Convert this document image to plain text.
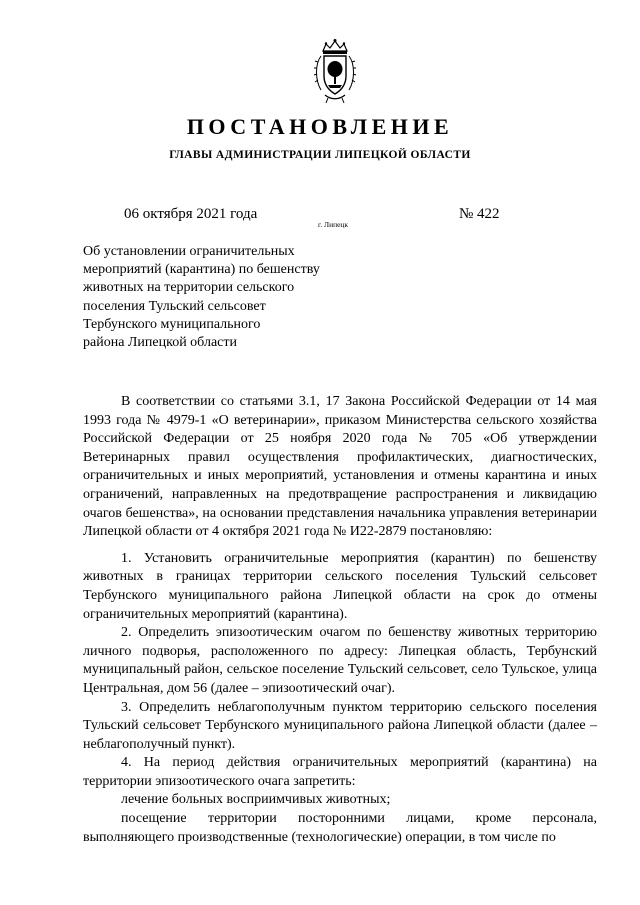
ПОСТАНОВЛЕНИЕ
ГЛАВЫ АДМИНИСТРАЦИИ ЛИПЕЦКОЙ ОБЛАСТИ
06 октября 2021 года
г. Липецк
№ 422
Об установлении ограничительных
мероприятий (карантина) по бешенству
животных на территории сельского
поселения Тульский сельсовет
Тербунского муниципального
района Липецкой области

В соответствии со статьями 3.1, 17 Закона Российской Федерации от 14 мая 1993 года № 4979-1 «О ветеринарии», приказом Министерства сельского хозяйства Российской Федерации от 25 ноября 2020 года № 705 «Об утверждении Ветеринарных правил осуществления профилактических, диагностических, ограничительных и иных мероприятий, установления и отмены карантина и иных ограничений, направленных на предотвращение распространения и ликвидацию очагов бешенства», на основании представления начальника управления ветеринарии Липецкой области от 4 октября 2021 года № И22-2879 постановляю:

1. Установить ограничительные мероприятия (карантин) по бешенству животных в границах территории сельского поселения Тульский сельсовет Тербунского муниципального района Липецкой области на срок до отмены ограничительных мероприятий (карантина).

2. Определить эпизоотическим очагом по бешенству животных территорию личного подворья, расположенного по адресу: Липецкая область, Тербунский муниципальный район, сельское поселение Тульский сельсовет, село Тульское, улица Центральная, дом 56 (далее – эпизоотический очаг).

3. Определить неблагополучным пунктом территорию сельского поселения Тульский сельсовет Тербунского муниципального района Липецкой области (далее – неблагополучный пункт).

4. На период действия ограничительных мероприятий (карантина) на территории эпизоотического очага запретить:

лечение больных восприимчивых животных;

посещение территории посторонними лицами, кроме персонала, выполняющего производственные (технологические) операции, в том числе по
